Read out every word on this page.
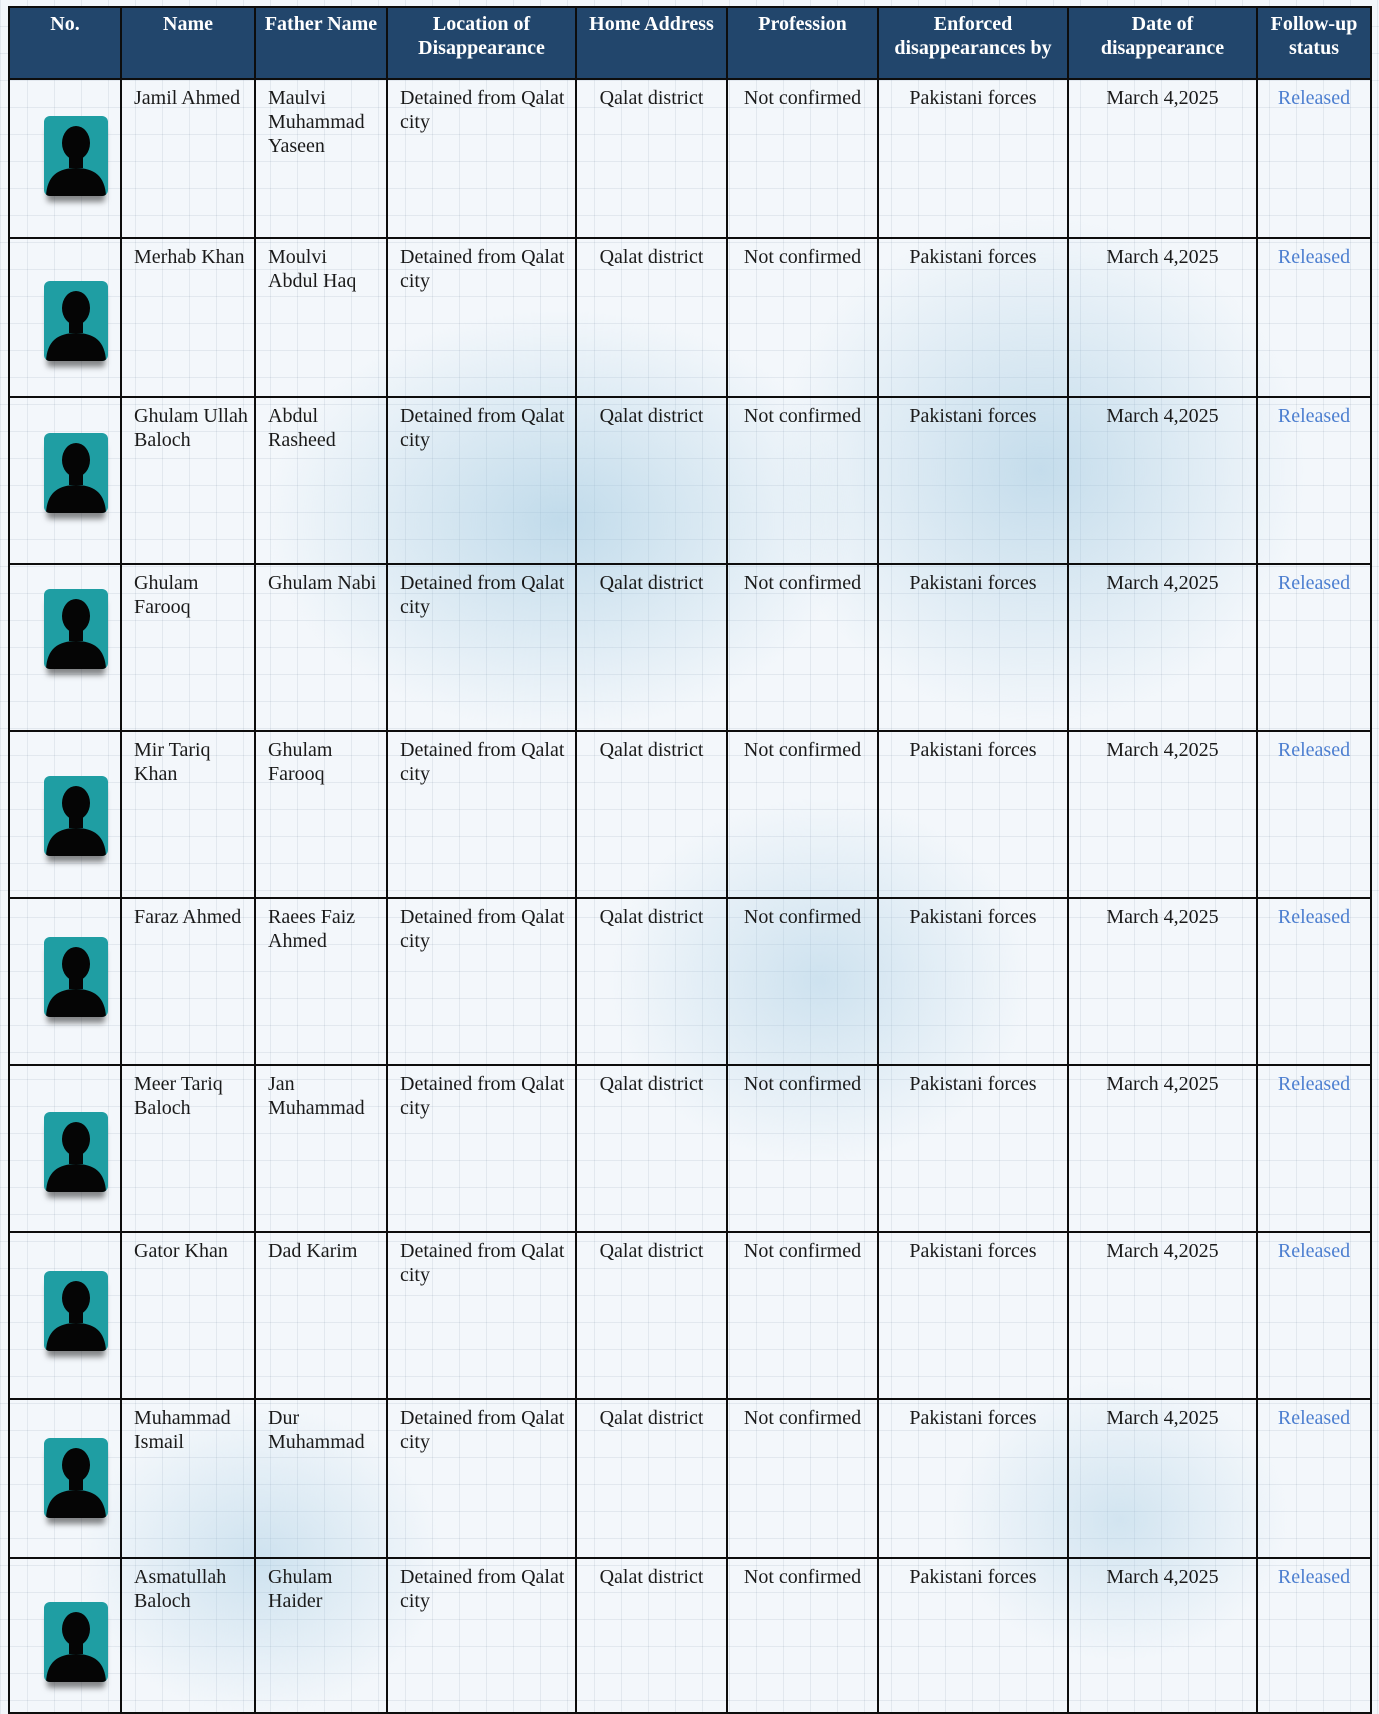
No.	Name	Father Name	Location of Disappearance	Home Address	Profession	Enforced disappearances by	Date of disappearance	Follow-up status

	Jamil Ahmed	Maulvi Muhammad Yaseen	Detained from Qalat city	Qalat district	Not confirmed	Pakistani forces	March 4,2025	Released

	Merhab Khan	Moulvi Abdul Haq	Detained from Qalat city	Qalat district	Not confirmed	Pakistani forces	March 4,2025	Released

	Ghulam Ullah Baloch	Abdul Rasheed	Detained from Qalat city	Qalat district	Not confirmed	Pakistani forces	March 4,2025	Released

	Ghulam Farooq	Ghulam Nabi	Detained from Qalat city	Qalat district	Not confirmed	Pakistani forces	March 4,2025	Released

	Mir Tariq Khan	Ghulam Farooq	Detained from Qalat city	Qalat district	Not confirmed	Pakistani forces	March 4,2025	Released

	Faraz Ahmed	Raees Faiz Ahmed	Detained from Qalat city	Qalat district	Not confirmed	Pakistani forces	March 4,2025	Released

	Meer Tariq Baloch	Jan Muhammad	Detained from Qalat city	Qalat district	Not confirmed	Pakistani forces	March 4,2025	Released

	Gator Khan	Dad Karim	Detained from Qalat city	Qalat district	Not confirmed	Pakistani forces	March 4,2025	Released

	Muhammad Ismail	Dur Muhammad	Detained from Qalat city	Qalat district	Not confirmed	Pakistani forces	March 4,2025	Released

	Asmatullah Baloch	Ghulam Haider	Detained from Qalat city	Qalat district	Not confirmed	Pakistani forces	March 4,2025	Released
